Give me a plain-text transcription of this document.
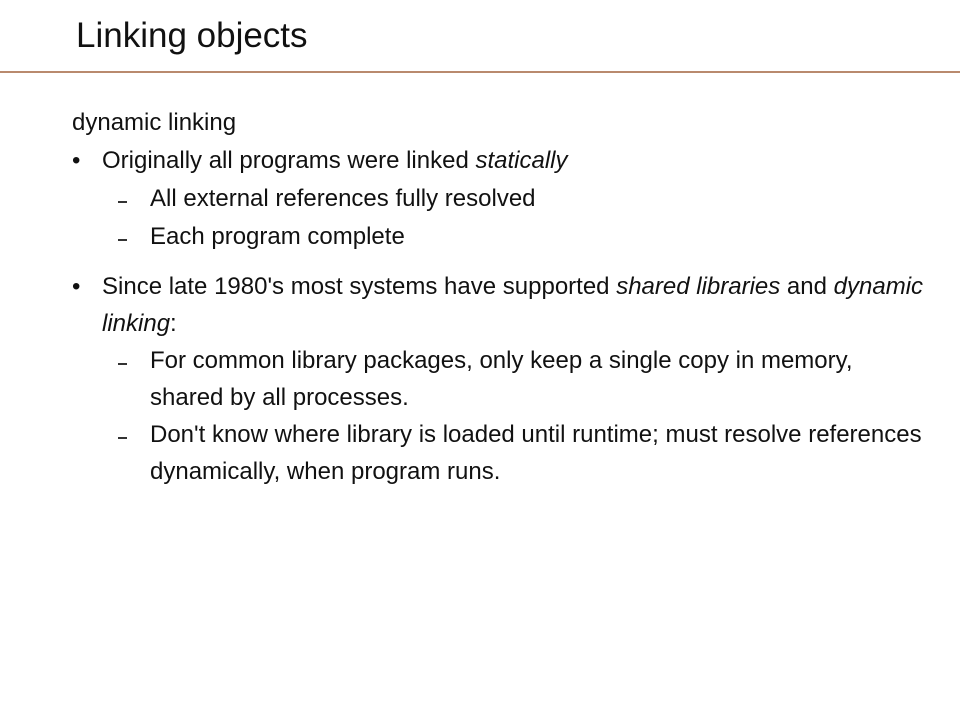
Linking objects
dynamic linking
• Originally all programs were linked statically
All external references fully resolved
Each program complete
• Since late 1980's most systems have supported shared libraries and dynamic linking:
For common library packages, only keep a single copy in memory, shared by all processes.
Don't know where library is loaded until runtime; must resolve references dynamically, when program runs.
